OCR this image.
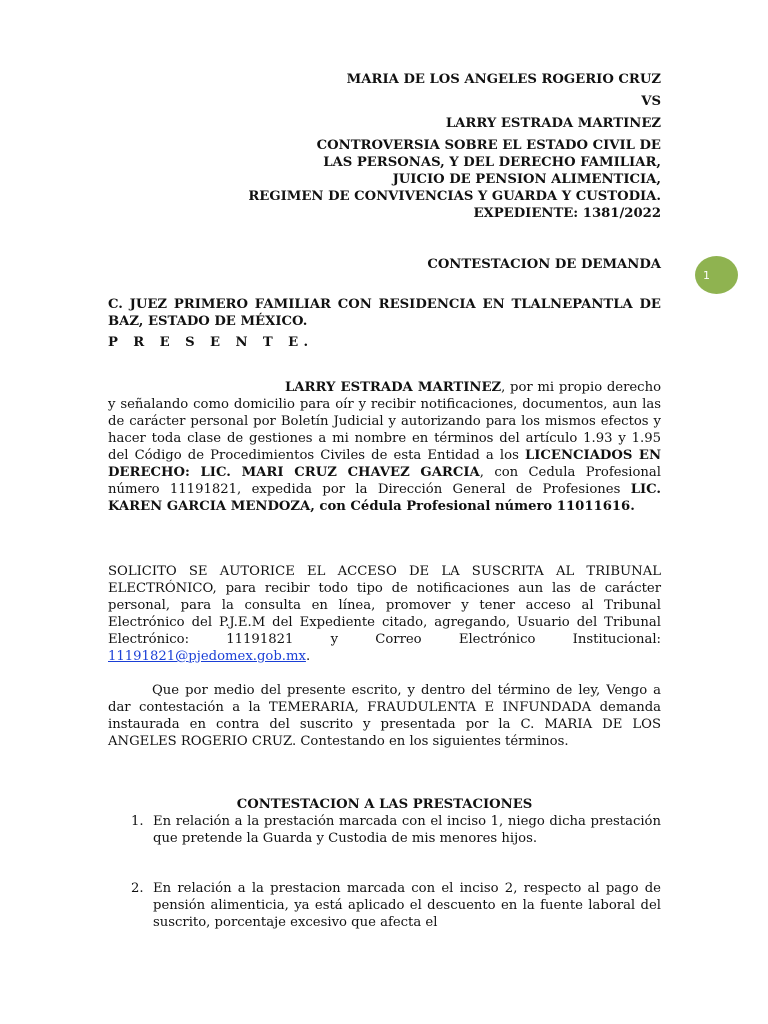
MARIA DE LOS ANGELES ROGERIO CRUZ
VS
LARRY ESTRADA MARTINEZ
CONTROVERSIA SOBRE EL ESTADO CIVIL DE
LAS PERSONAS, Y DEL DERECHO FAMILIAR,
JUICIO DE PENSION ALIMENTICIA,
REGIMEN DE CONVIVENCIAS Y GUARDA Y CUSTODIA.
EXPEDIENTE: 1381/2022
CONTESTACION DE DEMANDA
1
C. JUEZ PRIMERO FAMILIAR CON RESIDENCIA EN TLALNEPANTLA DE BAZ, ESTADO DE MÉXICO.
P R E S E N T E.
LARRY ESTRADA MARTINEZ, por mi propio derecho y señalando como domicilio para oír y recibir notificaciones, documentos, aun las de carácter personal por Boletín Judicial y autorizando para los mismos efectos y hacer toda clase de gestiones a mi nombre en términos del artículo 1.93 y 1.95 del Código de Procedimientos Civiles de esta Entidad a los LICENCIADOS EN DERECHO: LIC. MARI CRUZ CHAVEZ GARCIA, con Cedula Profesional número 11191821, expedida por la Dirección General de Profesiones LIC. KAREN GARCIA MENDOZA, con Cédula Profesional número 11011616.
SOLICITO SE AUTORICE EL ACCESO DE LA SUSCRITA AL TRIBUNAL ELECTRÓNICO, para recibir todo tipo de notificaciones aun las de carácter personal, para la consulta en línea, promover y tener acceso al Tribunal Electrónico del P.J.E.M del Expediente citado, agregando, Usuario del Tribunal Electrónico: 11191821 y Correo Electrónico Institucional: 11191821@pjedomex.gob.mx.
Que por medio del presente escrito, y dentro del término de ley, Vengo a dar contestación a la TEMERARIA, FRAUDULENTA E INFUNDADA demanda instaurada en contra del suscrito y presentada por la C. MARIA DE LOS ANGELES ROGERIO CRUZ. Contestando en los siguientes términos.
CONTESTACION A LAS PRESTACIONES
1. En relación a la prestación marcada con el inciso 1, niego dicha prestación que pretende la Guarda y Custodia de mis menores hijos.
2. En relación a la prestacion marcada con el inciso 2, respecto al pago de pensión alimenticia, ya está aplicado el descuento en la fuente laboral del suscrito, porcentaje excesivo que afecta el
